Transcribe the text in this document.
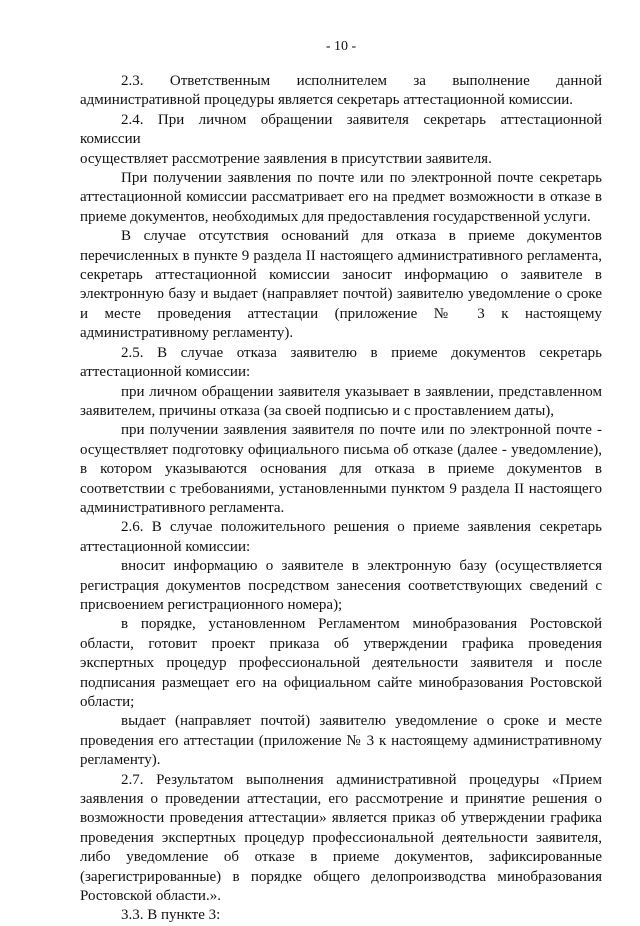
- 10 -

2.3. Ответственным исполнителем за выполнение данной

административной процедуры является секретарь аттестационной комиссии.

2.4. При личном обращении заявителя секретарь аттестационной комиссии

осуществляет рассмотрение заявления в присутствии заявителя.

При получении заявления по почте или по электронной почте секретарь

аттестационной комиссии рассматривает его на предмет возможности в отказе в приеме документов, необходимых для предоставления государственной услуги.

В случае отсутствия оснований для отказа в приеме документов

перечисленных в пункте 9 раздела II настоящего административного регламента, секретарь аттестационной комиссии заносит информацию о заявителе в электронную базу и выдает (направляет почтой) заявителю уведомление о сроке и месте проведения аттестации (приложение № 3 к настоящему административному регламенту).

2.5. В случае отказа заявителю в приеме документов секретарь

аттестационной комиссии:

при личном обращении заявителя указывает в заявлении, представленном

заявителем, причины отказа (за своей подписью и с проставлением даты),

при получении заявления заявителя по почте или по электронной почте -

осуществляет подготовку официального письма об отказе (далее - уведомление), в котором указываются основания для отказа в приеме документов в соответствии с требованиями, установленными пунктом 9 раздела II настоящего административного регламента.

2.6. В случае положительного решения о приеме заявления секретарь

аттестационной комиссии:

вносит информацию о заявителе в электронную базу (осуществляется

регистрация документов посредством занесения соответствующих сведений с присвоением регистрационного номера);

в порядке, установленном Регламентом минобразования Ростовской

области, готовит проект приказа об утверждении графика проведения экспертных процедур профессиональной деятельности заявителя и после подписания размещает его на официальном сайте минобразования Ростовской области;

выдает (направляет почтой) заявителю уведомление о сроке и месте

проведения его аттестации (приложение № 3 к настоящему административному регламенту).

2.7. Результатом выполнения административной процедуры «Прием

заявления о проведении аттестации, его рассмотрение и принятие решения о возможности проведения аттестации» является приказ об утверждении графика проведения экспертных процедур профессиональной деятельности заявителя, либо уведомление об отказе в приеме документов, зафиксированные (зарегистрированные) в порядке общего делопроизводства минобразования Ростовской области.».

3.3. В пункте 3:
